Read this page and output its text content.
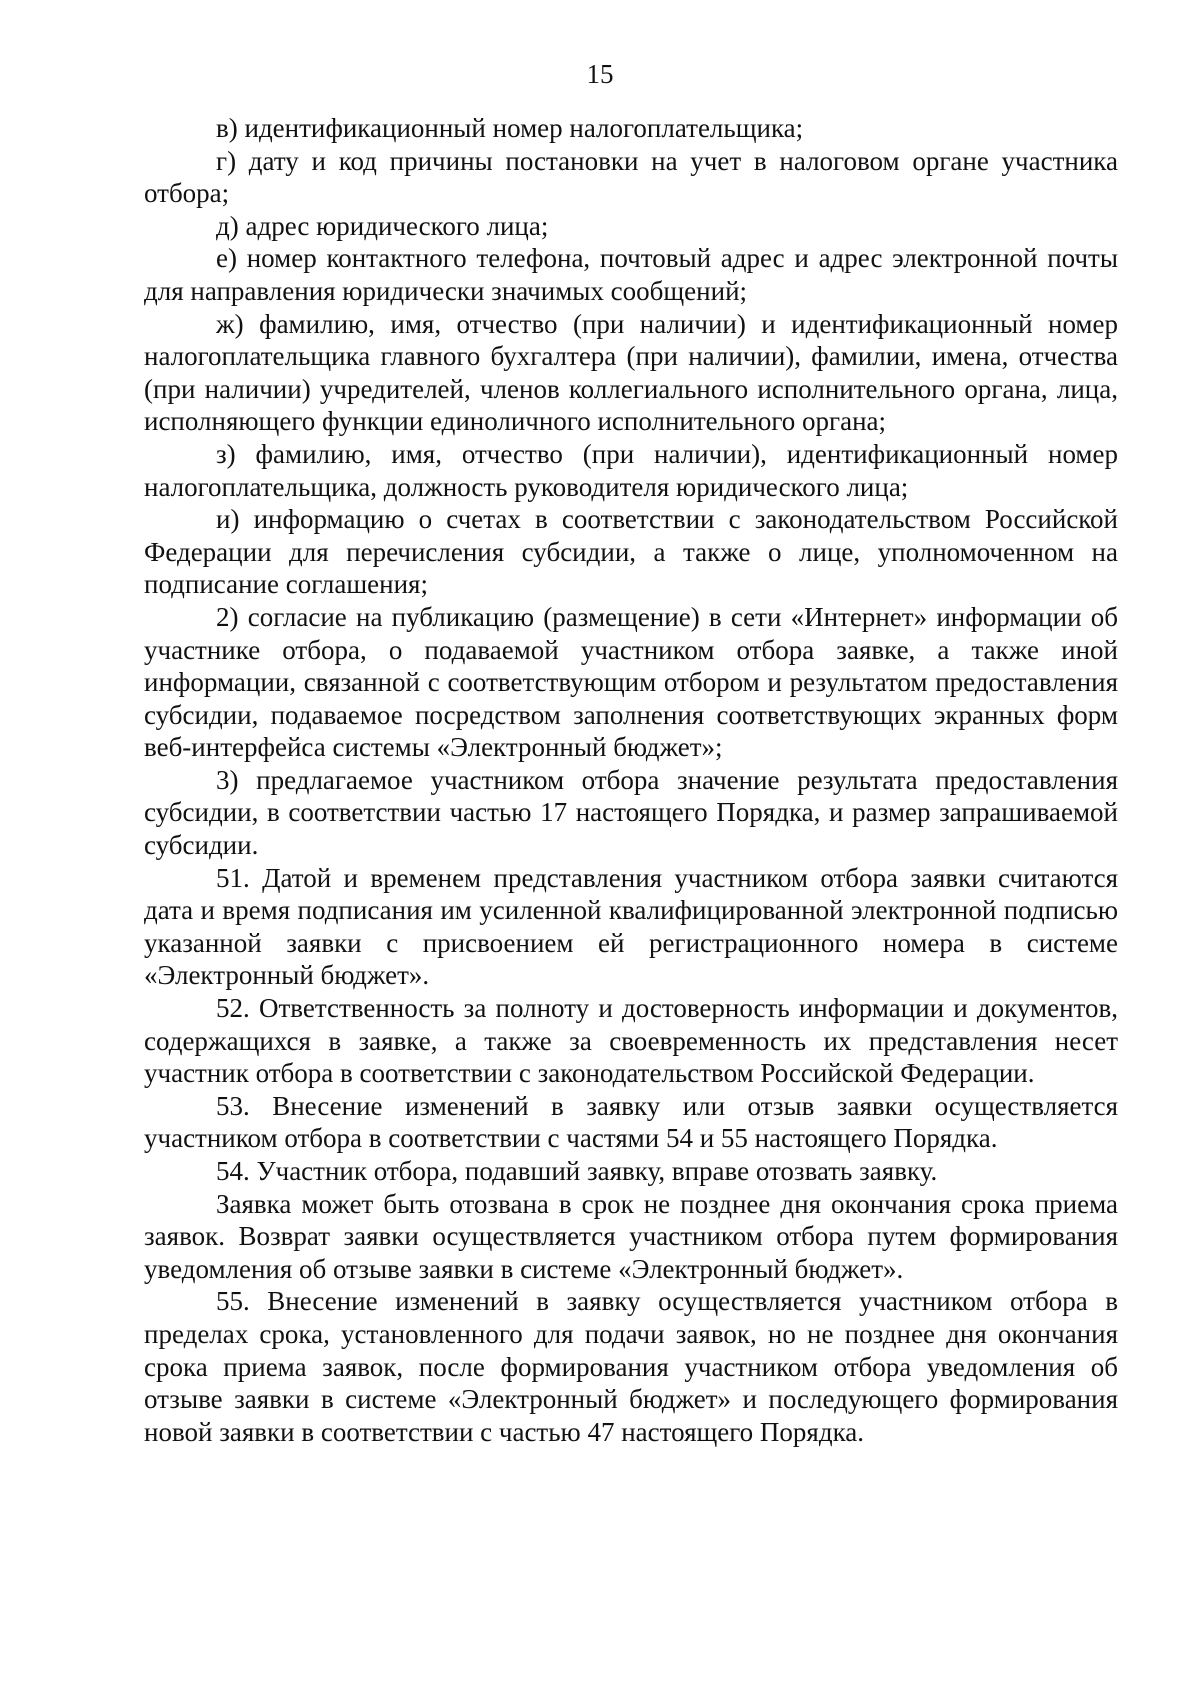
15

в) идентификационный номер налогоплательщика;

г) дату и код причины постановки на учет в налоговом органе участника отбора;

д) адрес юридического лица;

е) номер контактного телефона, почтовый адрес и адрес электронной почты для направления юридически значимых сообщений;

ж) фамилию, имя, отчество (при наличии) и идентификационный номер налогоплательщика главного бухгалтера (при наличии), фамилии, имена, отчества (при наличии) учредителей, членов коллегиального исполнительного органа, лица, исполняющего функции единоличного исполнительного органа;

з) фамилию, имя, отчество (при наличии), идентификационный номер налогоплательщика, должность руководителя юридического лица;

и) информацию о счетах в соответствии с законодательством Российской Федерации для перечисления субсидии, а также о лице, уполномоченном на подписание соглашения;

2) согласие на публикацию (размещение) в сети «Интернет» информации об участнике отбора, о подаваемой участником отбора заявке, а также иной информации, связанной с соответствующим отбором и результатом предоставления субсидии, подаваемое посредством заполнения соответствующих экранных форм веб-интерфейса системы «Электронный бюджет»;

3) предлагаемое участником отбора значение результата предоставления субсидии, в соответствии частью 17 настоящего Порядка, и размер запрашиваемой субсидии.

51. Датой и временем представления участником отбора заявки считаются дата и время подписания им усиленной квалифицированной электронной подписью указанной заявки с присвоением ей регистрационного номера в системе «Электронный бюджет».

52. Ответственность за полноту и достоверность информации и документов, содержащихся в заявке, а также за своевременность их представления несет участник отбора в соответствии с законодательством Российской Федерации.

53. Внесение изменений в заявку или отзыв заявки осуществляется участником отбора в соответствии с частями 54 и 55 настоящего Порядка.

54. Участник отбора, подавший заявку, вправе отозвать заявку.

Заявка может быть отозвана в срок не позднее дня окончания срока приема заявок. Возврат заявки осуществляется участником отбора путем формирования уведомления об отзыве заявки в системе «Электронный бюджет».

55. Внесение изменений в заявку осуществляется участником отбора в пределах срока, установленного для подачи заявок, но не позднее дня окончания срока приема заявок, после формирования участником отбора уведомления об отзыве заявки в системе «Электронный бюджет» и последующего формирования новой заявки в соответствии с частью 47 настоящего Порядка.
